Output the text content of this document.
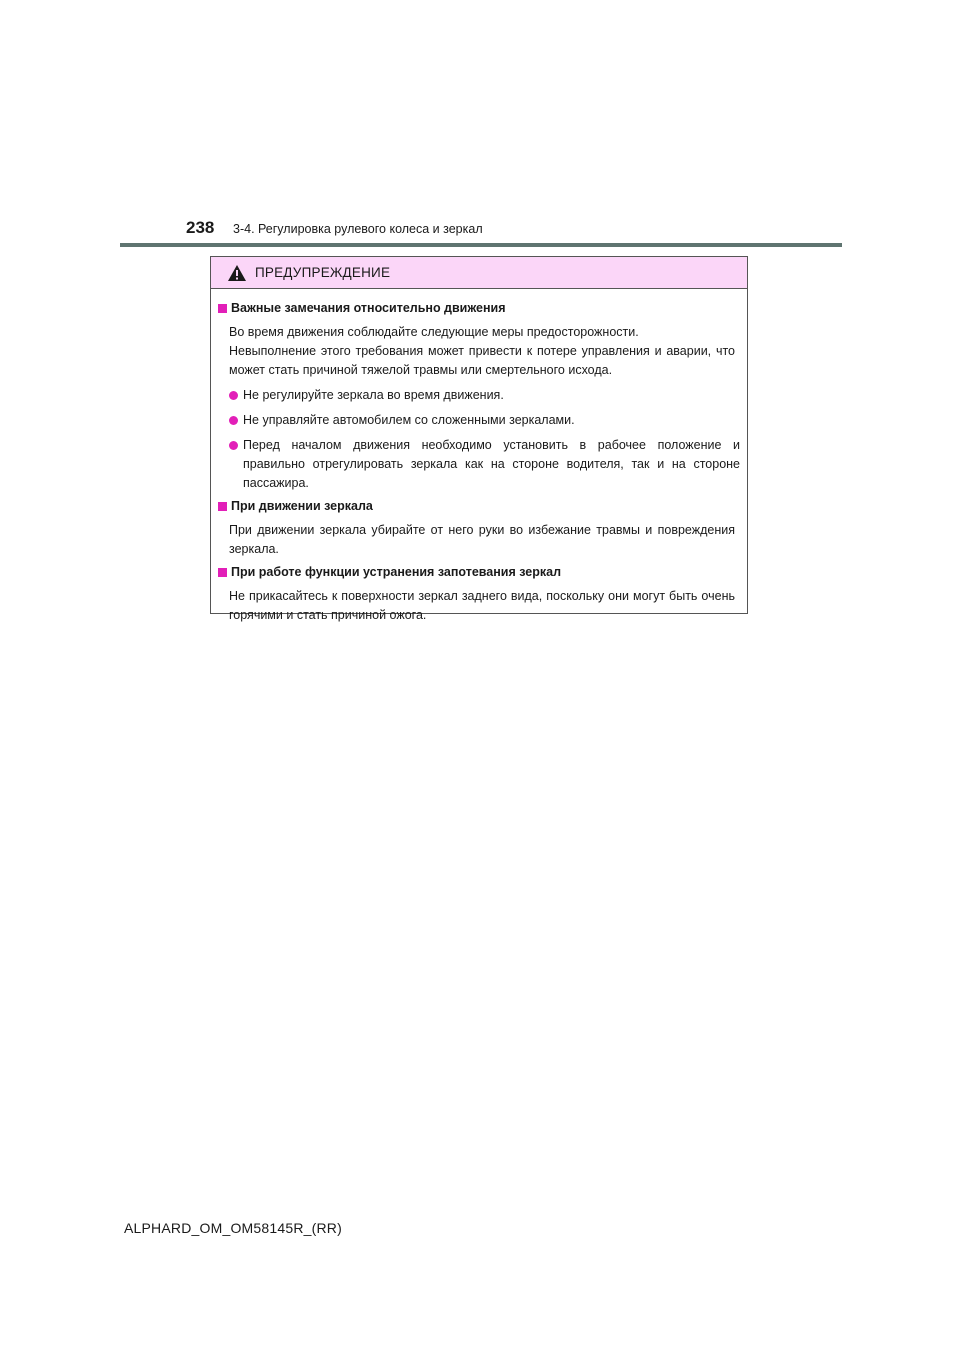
238 3-4. Регулировка рулевого колеса и зеркал
ПРЕДУПРЕЖДЕНИЕ
Важные замечания относительно движения
Во время движения соблюдайте следующие меры предосторожности.
Невыполнение этого требования может привести к потере управления и аварии, что может стать причиной тяжелой травмы или смертельного исхода.
Не регулируйте зеркала во время движения.
Не управляйте автомобилем со сложенными зеркалами.
Перед началом движения необходимо установить в рабочее положение и правильно отрегулировать зеркала как на стороне водителя, так и на стороне пассажира.
При движении зеркала
При движении зеркала убирайте от него руки во избежание травмы и повреждения зеркала.
При работе функции устранения запотевания зеркал
Не прикасайтесь к поверхности зеркал заднего вида, поскольку они могут быть очень горячими и стать причиной ожога.
ALPHARD_OM_OM58145R_(RR)
